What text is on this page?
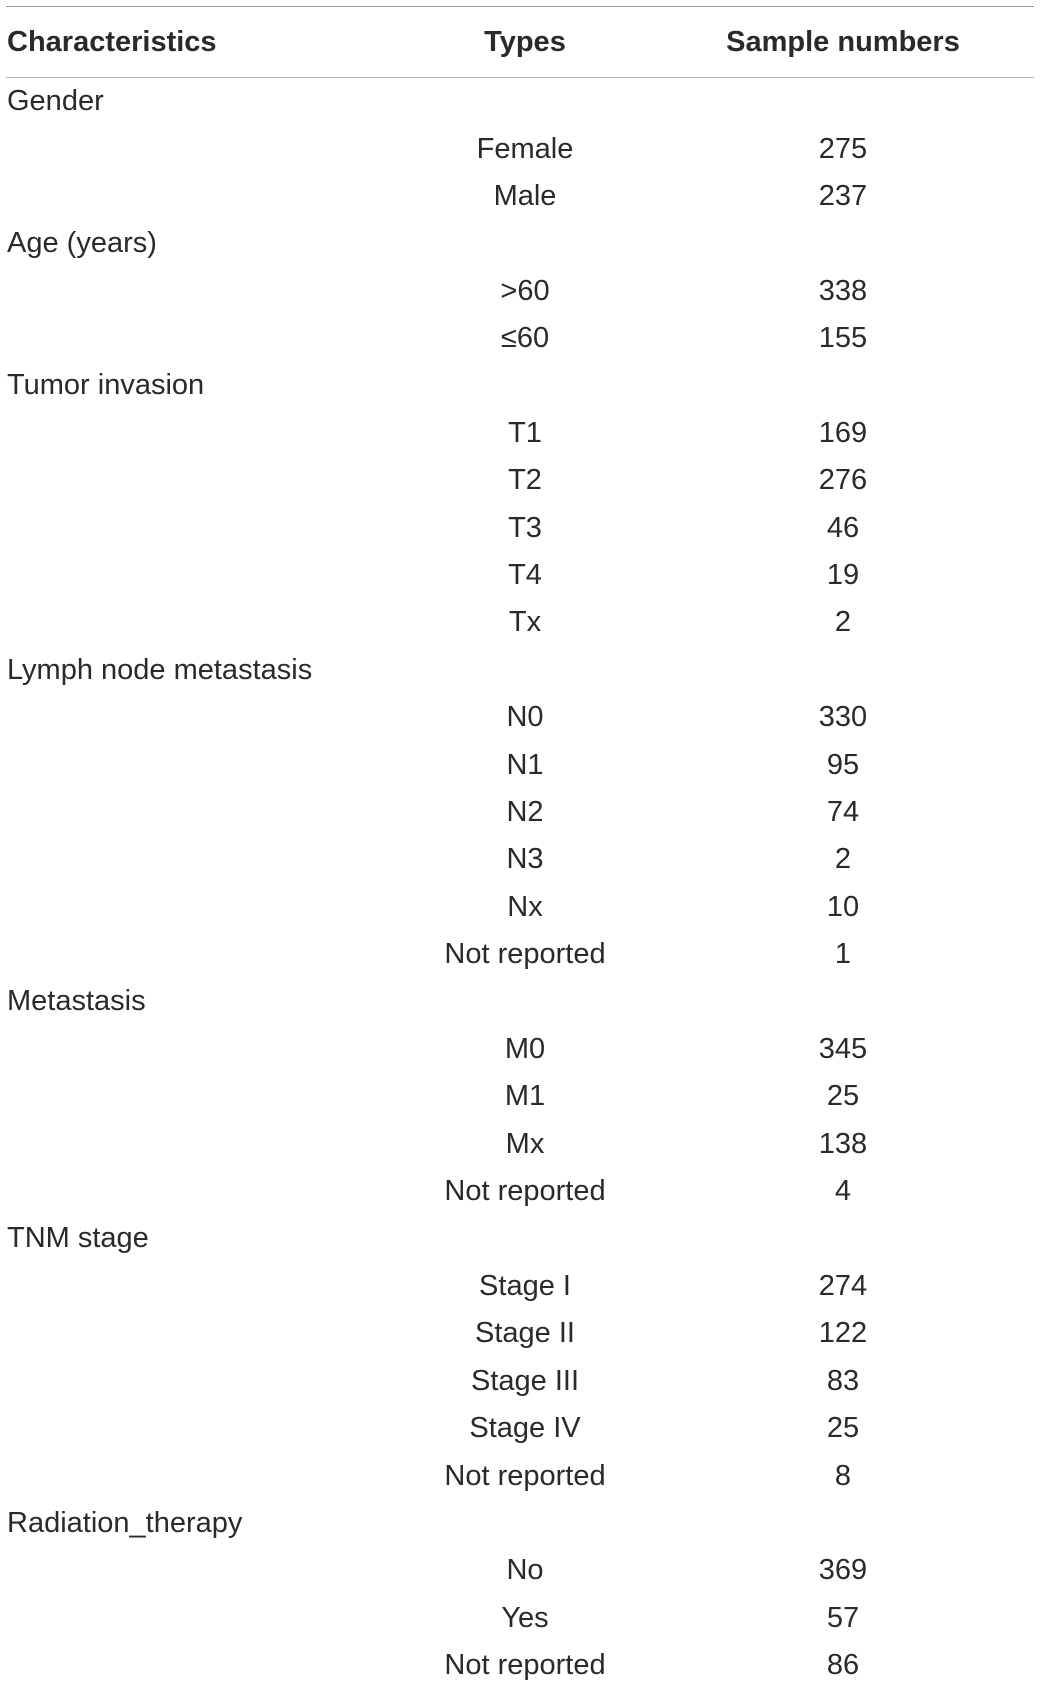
Characteristics	Types	Sample numbers
Gender
Female	275
Male	237
Age (years)
>60	338
≤60	155
Tumor invasion
T1	169
T2	276
T3	46
T4	19
Tx	2
Lymph node metastasis
N0	330
N1	95
N2	74
N3	2
Nx	10
Not reported	1
Metastasis
M0	345
M1	25
Mx	138
Not reported	4
TNM stage
Stage I	274
Stage II	122
Stage III	83
Stage IV	25
Not reported	8
Radiation_therapy
No	369
Yes	57
Not reported	86
